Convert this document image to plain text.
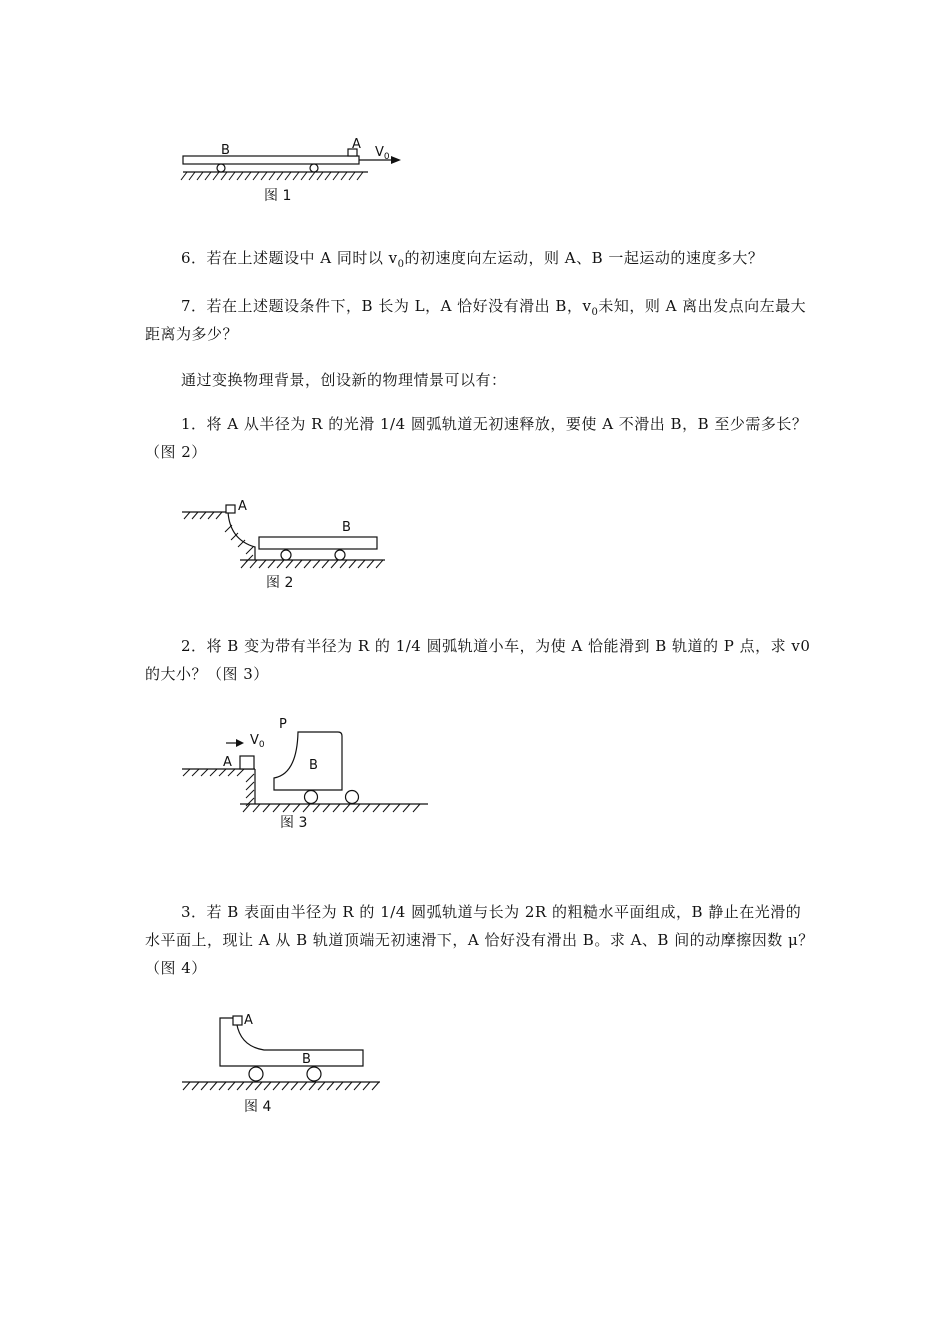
B	A
$V_0$
图 1

6．若在上述题设中 A 同时以 $v_0$的初速度向左运动，则 A、B 一起运动的速度多大？

7．若在上述题设条件下，B 长为 L，A 恰好没有滑出 B，$v_0$未知，则 A 离出发点向左最大距离为多少？

通过变换物理背景，创设新的物理情景可以有：

1．将 A 从半径为 R 的光滑 1/4 圆弧轨道无初速释放，要使 A 不滑出 B，B 至少需多长？（图 2）

A
B
图 2

2．将 B 变为带有半径为 R 的 1/4 圆弧轨道小车，为使 A 恰能滑到 B 轨道的 P 点，求 v0 的大小？（图 3）

$V_0$
P
A	B
图 3

3．若 B 表面由半径为 R 的 1/4 圆弧轨道与长为 2R 的粗糙水平面组成，B 静止在光滑的水平面上，现让 A 从 B 轨道顶端无初速滑下，A 恰好没有滑出 B。求 A、B 间的动摩擦因数 μ？（图 4）

A
B
图 4
